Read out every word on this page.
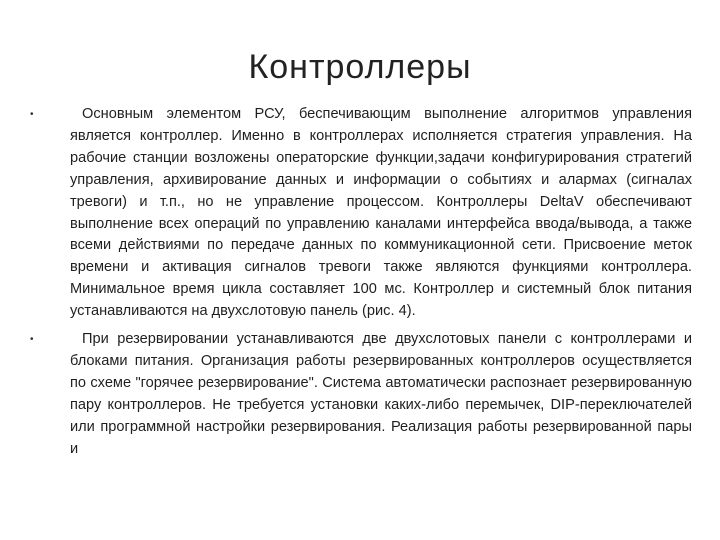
Контроллеры
•	Основным элементом РСУ, беспечивающим выполнение алгоритмов управления является контроллер. Именно в контроллерах исполняется стратегия управления. На рабочие станции возложены операторские функции,задачи конфигурирования стратегий управления, архивирование данных и информации о событиях и алармах (сигналах тревоги) и т.п., но не управление процессом. Контроллеры DeltaV обеспечивают выполнение всех операций по управлению каналами интерфейса ввода/вывода, а также всеми действиями по передаче данных по коммуникационной сети. Присвоение меток времени и активация сигналов тревоги также являются функциями контроллера. Минимальное время цикла составляет 100 мс. Контроллер и системный блок питания устанавливаются на двухслотовую панель (рис. 4).
•	При резервировании устанавливаются две двухслотовых панели с контроллерами и блоками питания. Организация работы резервированных контроллеров осуществляется по схеме "горячее резервирование". Система автоматически распознает резервированную пару контроллеров. Не требуется установки каких-либо перемычек, DIP-переключателей или программной настройки резервирования. Реализация работы резервированной пары и
